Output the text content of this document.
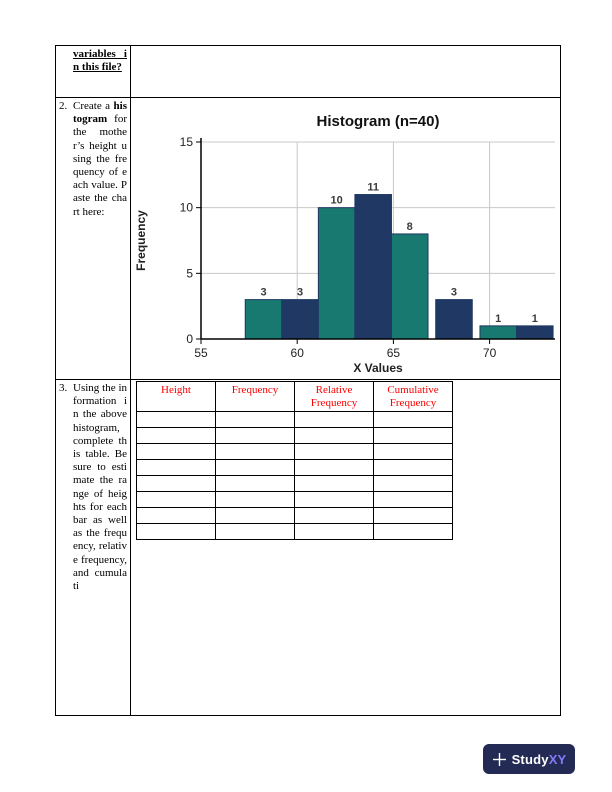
variables in this file?
2. Create a histogram for the mother’s height using the frequency of each value. Paste the chart here:
3	3
10
11
8
3
1	1
55	60	65	70
0
5
10
15
Histogram (n=40)
X Values
Frequency
3. Using the information in the above histogram, complete this table. Be sure to estimate the range of heights for each bar as well as the frequency, relative frequency, and cumulati
Height	Frequency	Relative Frequency	Cumulative Frequency

StudyXY
